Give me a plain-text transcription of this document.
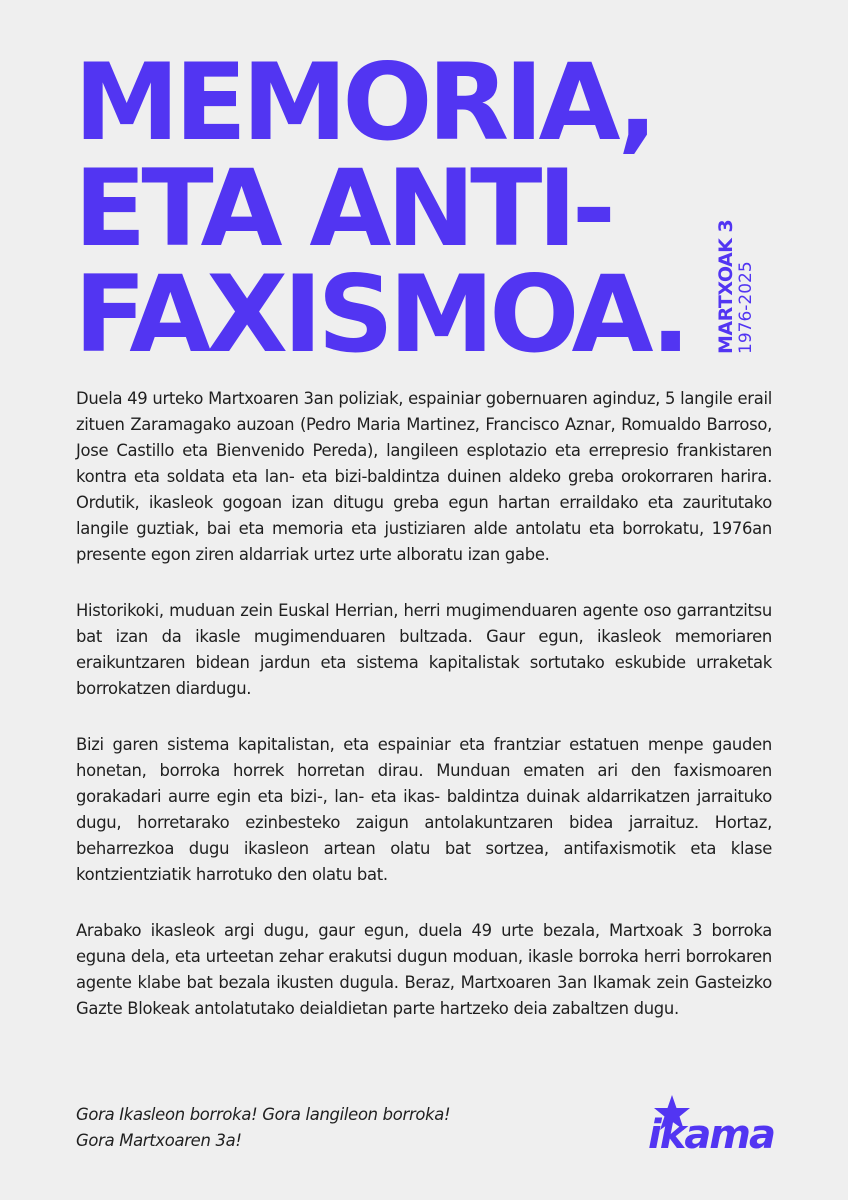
MEMORIA,
ETA ANTI-
FAXISMOA.	MARTXOAK 3 1976-2025

Duela 49 urteko Martxoaren 3an poliziak, espainiar gobernuaren aginduz, 5 langile erail zituen Zaramagako auzoan (Pedro Maria Martinez, Francisco Aznar, Romualdo Barroso, Jose Castillo eta Bienvenido Pereda), langileen esplotazio eta errepresio frankistaren kontra eta soldata eta lan- eta bizi-baldintza duinen aldeko greba orokorraren harira. Ordutik, ikasleok gogoan izan ditugu greba egun hartan erraildako eta zauritutako langile guztiak, bai eta memoria eta justiziaren alde antolatu eta borrokatu, 1976an presente egon ziren aldarriak urtez urte alboratu izan gabe.

Historikoki, muduan zein Euskal Herrian, herri mugimenduaren agente oso garrantzitsu bat izan da ikasle mugimenduaren bultzada. Gaur egun, ikasleok memoriaren eraikuntzaren bidean jardun eta sistema kapitalistak sortutako eskubide urraketak borrokatzen diardugu.

Bizi garen sistema kapitalistan, eta espainiar eta frantziar estatuen menpe gauden honetan, borroka horrek horretan dirau. Munduan ematen ari den faxismoaren gorakadari aurre egin eta bizi-, lan- eta ikas- baldintza duinak aldarrikatzen jarraituko dugu, horretarako ezinbesteko zaigun antolakuntzaren bidea jarraituz. Hortaz, beharrezkoa dugu ikasleon artean olatu bat sortzea, antifaxismotik eta klase kontzientziatik harrotuko den olatu bat.

Arabako ikasleok argi dugu, gaur egun, duela 49 urte bezala, Martxoak 3 borroka eguna dela, eta urteetan zehar erakutsi dugun moduan, ikasle borroka herri borrokaren agente klabe bat bezala ikusten dugula. Beraz, Martxoaren 3an Ikamak zein Gasteizko Gazte Blokeak antolatutako deialdietan parte hartzeko deia zabaltzen dugu.

Gora Ikasleon borroka! Gora langileon borroka!
Gora Martxoaren 3a!	ikama
